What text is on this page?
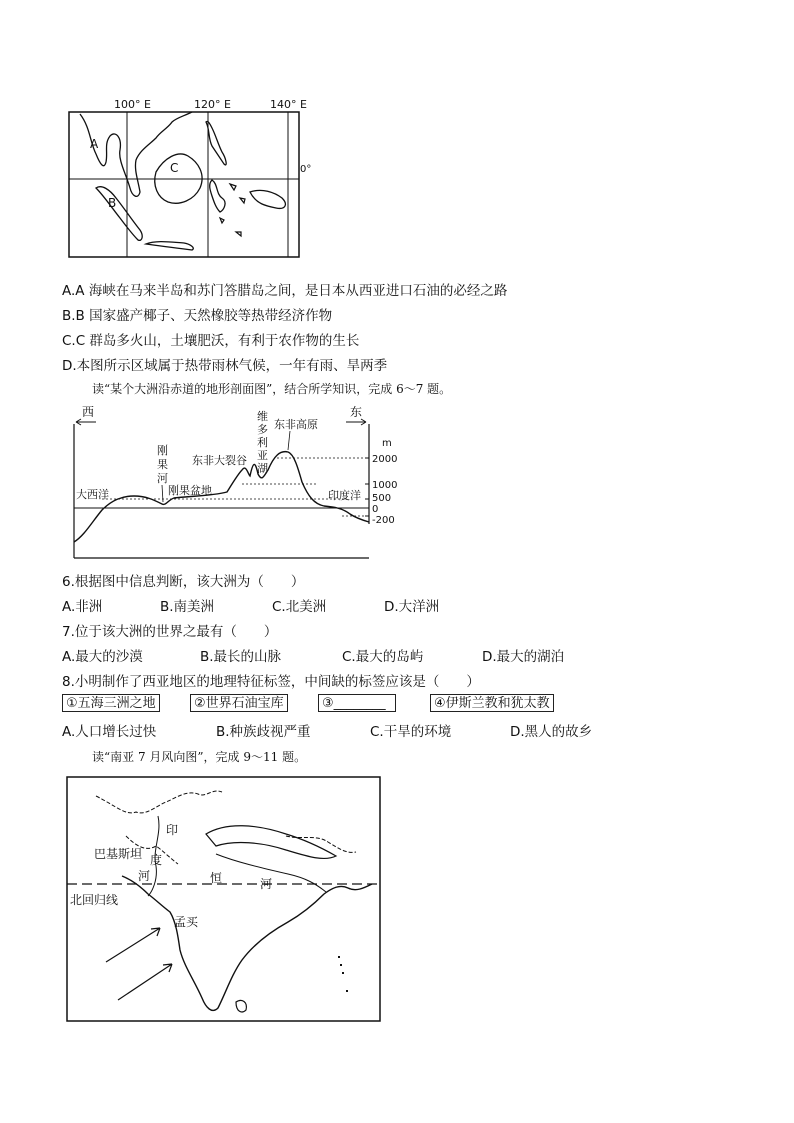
100° E	120° E	140° E
0°
A
B
C
A.A 海峡在马来半岛和苏门答腊岛之间，是日本从西亚进口石油的必经之路
B.B 国家盛产椰子、天然橡胶等热带经济作物
C.C 群岛多火山，土壤肥沃，有利于农作物的生长
D.本图所示区域属于热带雨林气候，一年有雨、旱两季
读“某个大洲沿赤道的地形剖面图”，结合所学知识，完成 6～7 题。
西	东
大西洋
刚
果
河
刚果盆地
东非大裂谷
维
多
利
亚
湖
东非高原
印度洋
m
2000
1000
500
0
-200
6.根据图中信息判断，该大洲为（　　）
A.非洲	B.南美洲	C.北美洲	D.大洋洲
7.位于该大洲的世界之最有（　　）
A.最大的沙漠	B.最长的山脉	C.最大的岛屿	D.最大的湖泊
8.小明制作了西亚地区的地理特征标签，中间缺的标签应该是（　　）
①五海三洲之地	②世界石油宝库	③________	④伊斯兰教和犹太教
A.人口增长过快	B.种族歧视严重	C.干旱的环境	D.黑人的故乡
读“南亚 7 月风向图”，完成 9～11 题。
巴基斯坦
印
度
河	恒	河
北回归线
孟买
